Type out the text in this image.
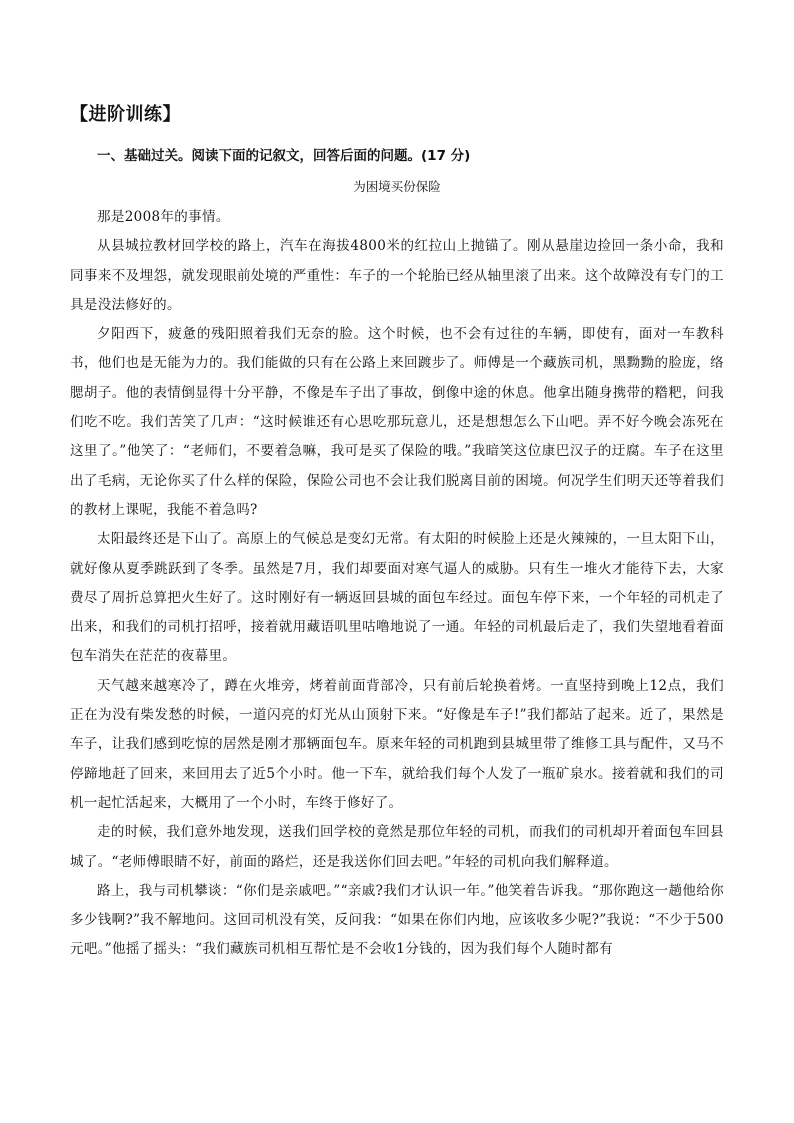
【进阶训练】
一、基础过关。阅读下面的记叙文，回答后面的问题。(17 分)
为困境买份保险

那是2008年的事情。

从县城拉教材回学校的路上，汽车在海拔4800米的红拉山上抛锚了。刚从悬崖边捡回一条小命，我和同事来不及埋怨，就发现眼前处境的严重性：车子的一个轮胎已经从轴里滚了出来。这个故障没有专门的工具是没法修好的。

夕阳西下，疲惫的残阳照着我们无奈的脸。这个时候，也不会有过往的车辆，即使有，面对一车教科书，他们也是无能为力的。我们能做的只有在公路上来回踱步了。师傅是一个藏族司机，黑黝黝的脸庞，络腮胡子。他的表情倒显得十分平静，不像是车子出了事故，倒像中途的休息。他拿出随身携带的糌粑，问我们吃不吃。我们苦笑了几声：“这时候谁还有心思吃那玩意儿，还是想想怎么下山吧。弄不好今晚会冻死在这里了。”他笑了：“老师们，不要着急嘛，我可是买了保险的哦。”我暗笑这位康巴汉子的迂腐。车子在这里出了毛病，无论你买了什么样的保险，保险公司也不会让我们脱离目前的困境。何况学生们明天还等着我们的教材上课呢，我能不着急吗?

太阳最终还是下山了。高原上的气候总是变幻无常。有太阳的时候脸上还是火辣辣的，一旦太阳下山，就好像从夏季跳跃到了冬季。虽然是7月，我们却要面对寒气逼人的威胁。只有生一堆火才能待下去，大家费尽了周折总算把火生好了。这时刚好有一辆返回县城的面包车经过。面包车停下来，一个年轻的司机走了出来，和我们的司机打招呼，接着就用藏语叽里咕噜地说了一通。年轻的司机最后走了，我们失望地看着面包车消失在茫茫的夜幕里。

天气越来越寒冷了，蹲在火堆旁，烤着前面背部冷，只有前后轮换着烤。一直坚持到晚上12点，我们正在为没有柴发愁的时候，一道闪亮的灯光从山顶射下来。“好像是车子!”我们都站了起来。近了，果然是车子，让我们感到吃惊的居然是刚才那辆面包车。原来年轻的司机跑到县城里带了维修工具与配件，又马不停蹄地赶了回来，来回用去了近5个小时。他一下车，就给我们每个人发了一瓶矿泉水。接着就和我们的司机一起忙活起来，大概用了一个小时，车终于修好了。

走的时候，我们意外地发现，送我们回学校的竟然是那位年轻的司机，而我们的司机却开着面包车回县城了。“老师傅眼睛不好，前面的路烂，还是我送你们回去吧。”年轻的司机向我们解释道。

路上，我与司机攀谈：“你们是亲戚吧。”“亲戚?我们才认识一年。”他笑着告诉我。“那你跑这一趟他给你多少钱啊?”我不解地问。这回司机没有笑，反问我：“如果在你们内地，应该收多少呢?”我说：“不少于500元吧。”他摇了摇头：“我们藏族司机相互帮忙是不会收1分钱的，因为我们每个人随时都有
